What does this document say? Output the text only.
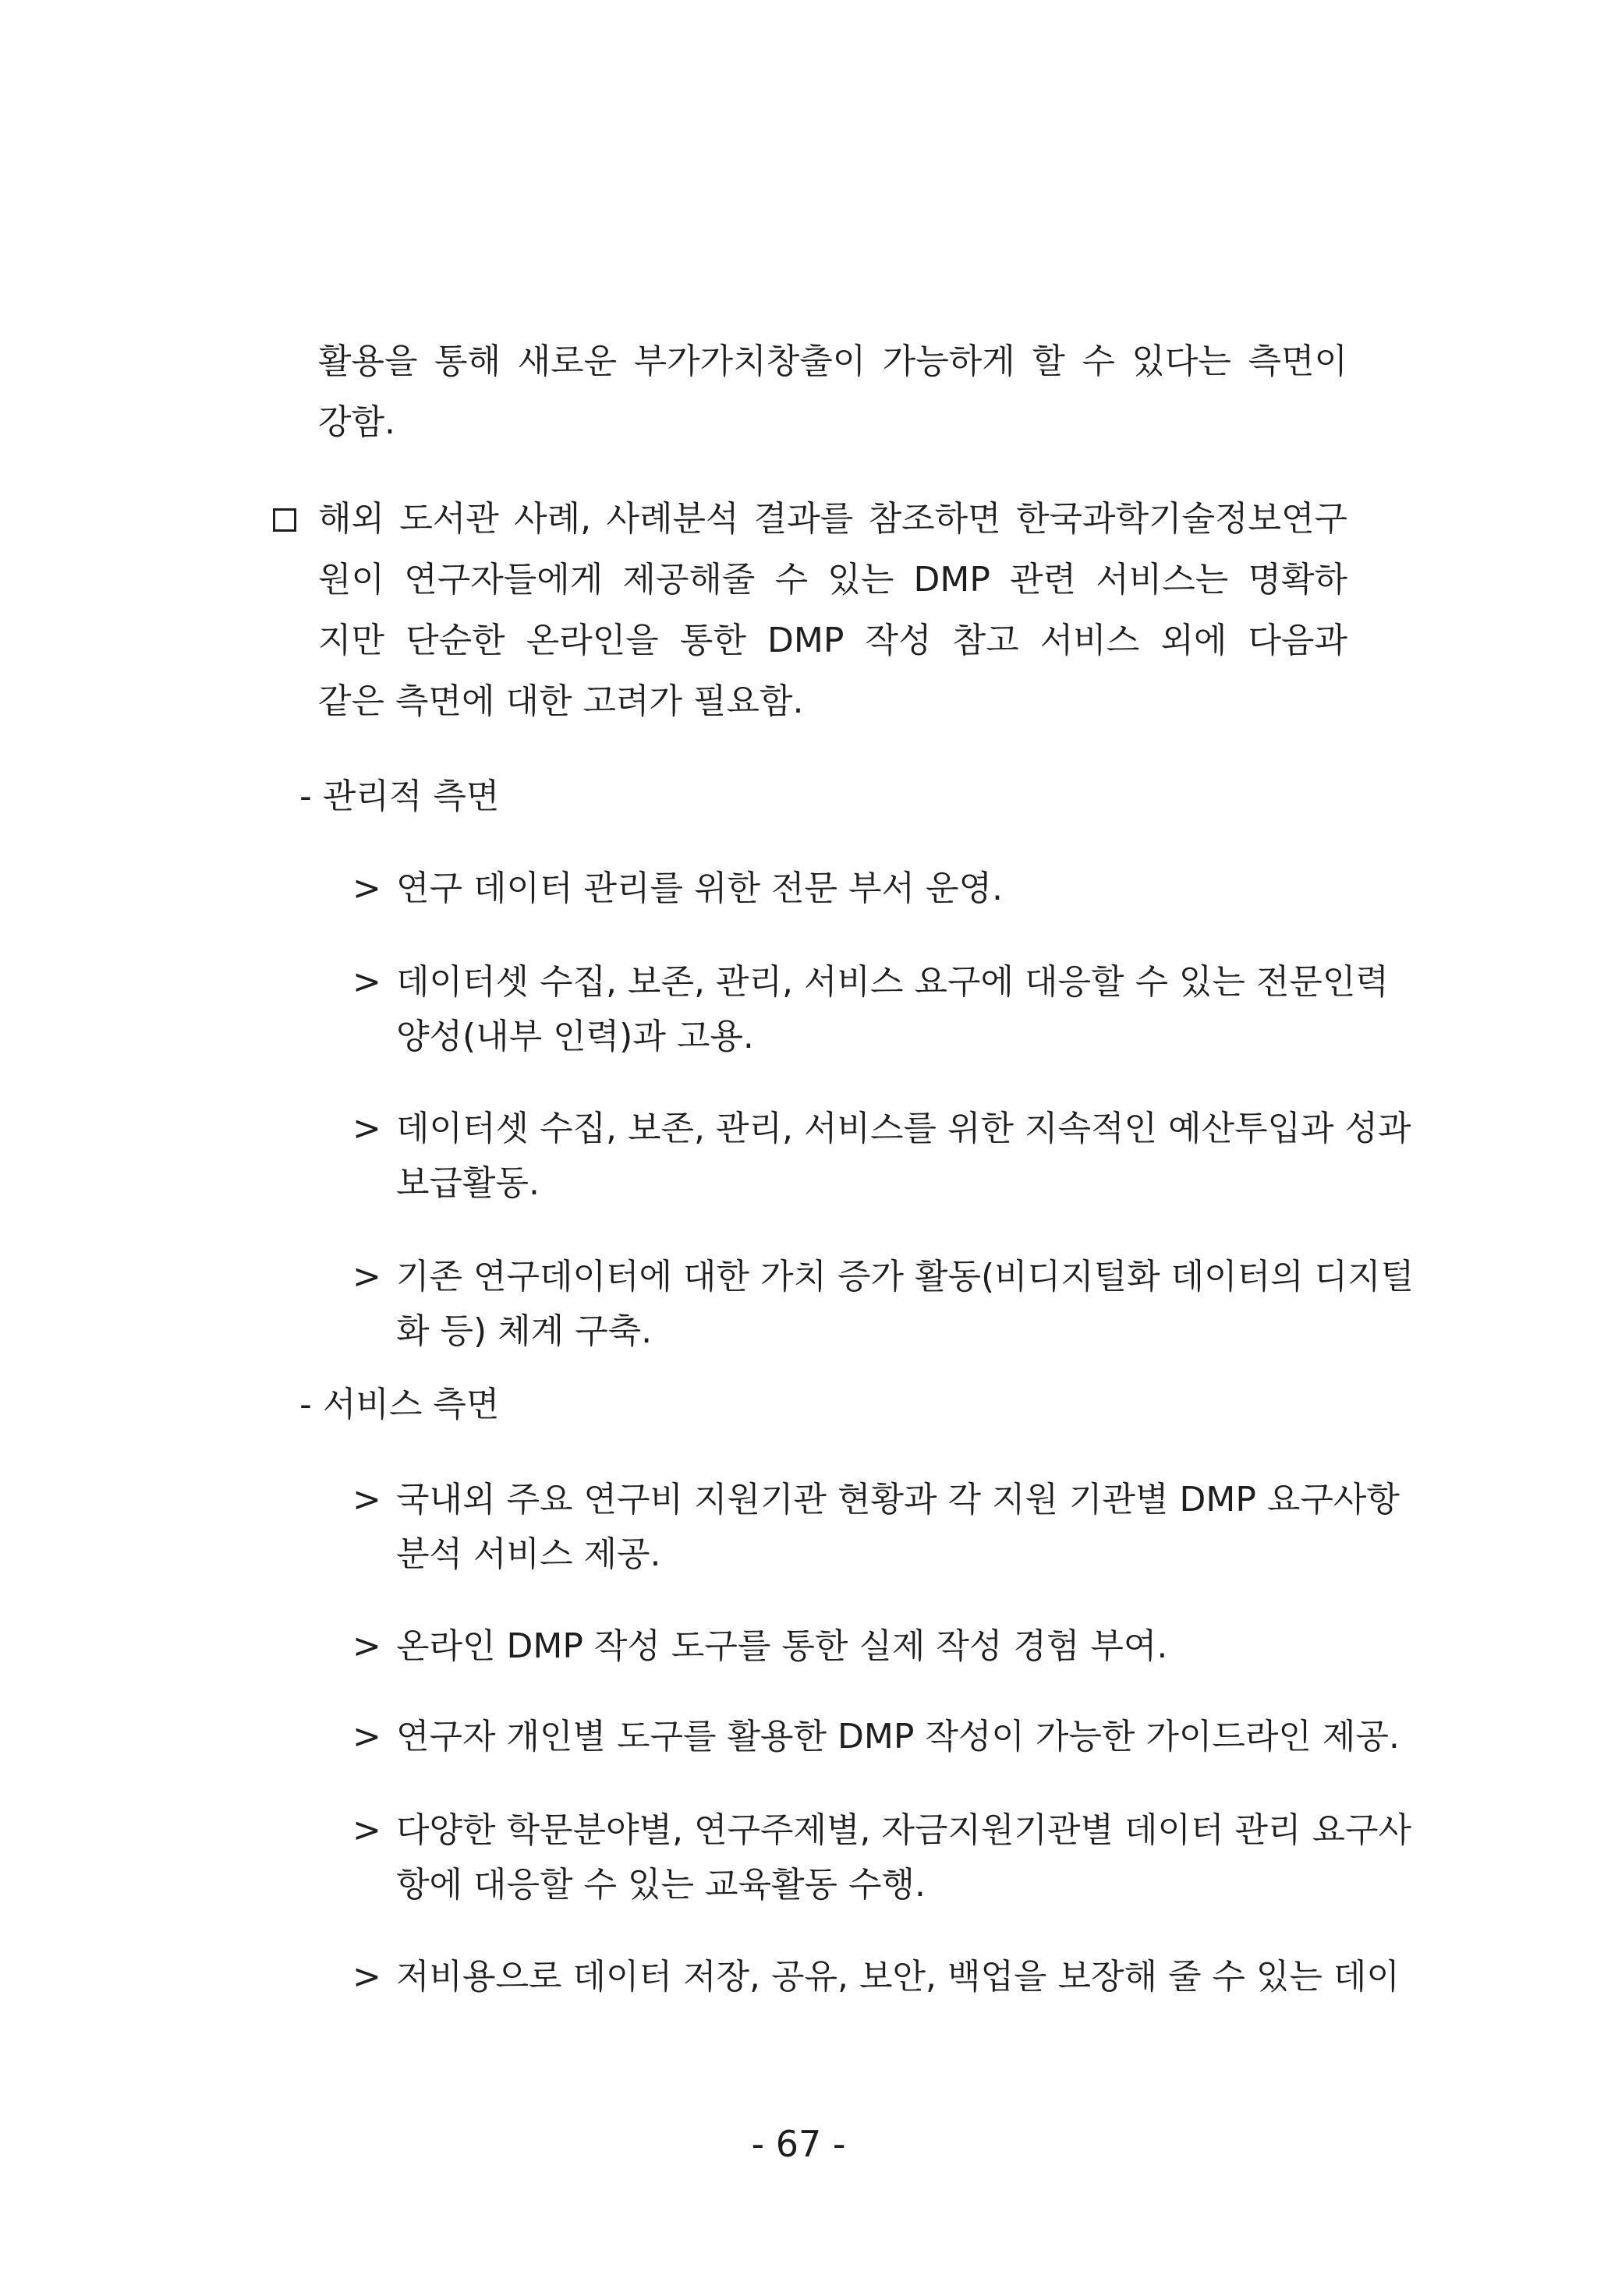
활용을 통해 새로운 부가가치창출이 가능하게 할 수 있다는 측면이
강함.
해외 도서관 사례, 사례분석 결과를 참조하면 한국과학기술정보연구
원이 연구자들에게 제공해줄 수 있는 DMP 관련 서비스는 명확하
지만 단순한 온라인을 통한 DMP 작성 참고 서비스 외에 다음과
같은 측면에 대한 고려가 필요함.
- 관리적 측면
> 연구 데이터 관리를 위한 전문 부서 운영.
> 데이터셋 수집, 보존, 관리, 서비스 요구에 대응할 수 있는 전문인력
양성(내부 인력)과 고용.
> 데이터셋 수집, 보존, 관리, 서비스를 위한 지속적인 예산투입과 성과
보급활동.
> 기존 연구데이터에 대한 가치 증가 활동(비디지털화 데이터의 디지털
화 등) 체계 구축.
- 서비스 측면
> 국내외 주요 연구비 지원기관 현황과 각 지원 기관별 DMP 요구사항
분석 서비스 제공.
> 온라인 DMP 작성 도구를 통한 실제 작성 경험 부여.
> 연구자 개인별 도구를 활용한 DMP 작성이 가능한 가이드라인 제공.
> 다양한 학문분야별, 연구주제별, 자금지원기관별 데이터 관리 요구사
항에 대응할 수 있는 교육활동 수행.
> 저비용으로 데이터 저장, 공유, 보안, 백업을 보장해 줄 수 있는 데이
- 67 -
